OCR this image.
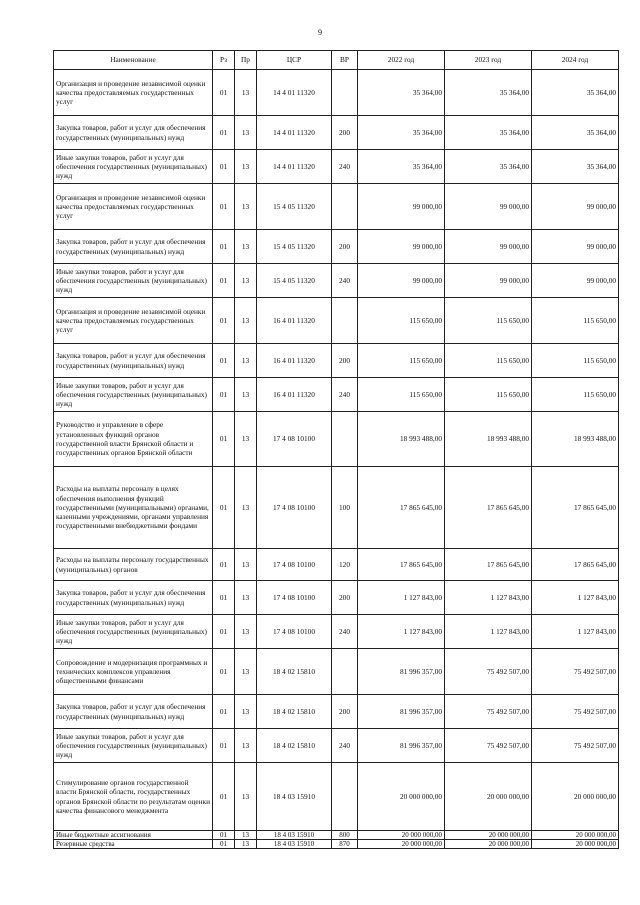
9
Наименование	Рз	Пр	ЦСР	ВР	2022 год	2023 год	2024 год
Организация и проведение независимой оценки качества предоставляемых государственных услуг	01	13	14 4 01 11320		35 364,00	35 364,00	35 364,00
Закупка товаров, работ и услуг для обеспечения государственных (муниципальных) нужд	01	13	14 4 01 11320	200	35 364,00	35 364,00	35 364,00
Иные закупки товаров, работ и услуг для обеспечения государственных (муниципальных) нужд	01	13	14 4 01 11320	240	35 364,00	35 364,00	35 364,00
Организация и проведение независимой оценки качества предоставляемых государственных услуг	01	13	15 4 05 11320		99 000,00	99 000,00	99 000,00
Закупка товаров, работ и услуг для обеспечения государственных (муниципальных) нужд	01	13	15 4 05 11320	200	99 000,00	99 000,00	99 000,00
Иные закупки товаров, работ и услуг для обеспечения государственных (муниципальных) нужд	01	13	15 4 05 11320	240	99 000,00	99 000,00	99 000,00
Организация и проведение независимой оценки качества предоставляемых государственных услуг	01	13	16 4 01 11320		115 650,00	115 650,00	115 650,00
Закупка товаров, работ и услуг для обеспечения государственных (муниципальных) нужд	01	13	16 4 01 11320	200	115 650,00	115 650,00	115 650,00
Иные закупки товаров, работ и услуг для обеспечения государственных (муниципальных) нужд	01	13	16 4 01 11320	240	115 650,00	115 650,00	115 650,00
Руководство и управление в сфере установленных функций органов государственной власти Брянской области и государственных органов Брянской области	01	13	17 4 08 10100		18 993 488,00	18 993 488,00	18 993 488,00
Расходы на выплаты персоналу в целях обеспечения выполнения функций государственными (муниципальными) органами, казенными учреждениями, органами управления государственными внебюджетными фондами	01	13	17 4 08 10100	100	17 865 645,00	17 865 645,00	17 865 645,00
Расходы на выплаты персоналу государственных (муниципальных) органов	01	13	17 4 08 10100	120	17 865 645,00	17 865 645,00	17 865 645,00
Закупка товаров, работ и услуг для обеспечения государственных (муниципальных) нужд	01	13	17 4 08 10100	200	1 127 843,00	1 127 843,00	1 127 843,00
Иные закупки товаров, работ и услуг для обеспечения государственных (муниципальных) нужд	01	13	17 4 08 10100	240	1 127 843,00	1 127 843,00	1 127 843,00
Сопровождение и модернизация программных и технических комплексов управления общественными финансами	01	13	18 4 02 15810		81 996 357,00	75 492 507,00	75 492 507,00
Закупка товаров, работ и услуг для обеспечения государственных (муниципальных) нужд	01	13	18 4 02 15810	200	81 996 357,00	75 492 507,00	75 492 507,00
Иные закупки товаров, работ и услуг для обеспечения государственных (муниципальных) нужд	01	13	18 4 02 15810	240	81 996 357,00	75 492 507,00	75 492 507,00
Стимулирование органов государственной власти Брянской области, государственных органов Брянской области по результатам оценки качества финансового менеджмента	01	13	18 4 03 15910		20 000 000,00	20 000 000,00	20 000 000,00
Иные бюджетные ассигнования	01	13	18 4 03 15910	800	20 000 000,00	20 000 000,00	20 000 000,00
Резервные средства	01	13	18 4 03 15910	870	20 000 000,00	20 000 000,00	20 000 000,00
